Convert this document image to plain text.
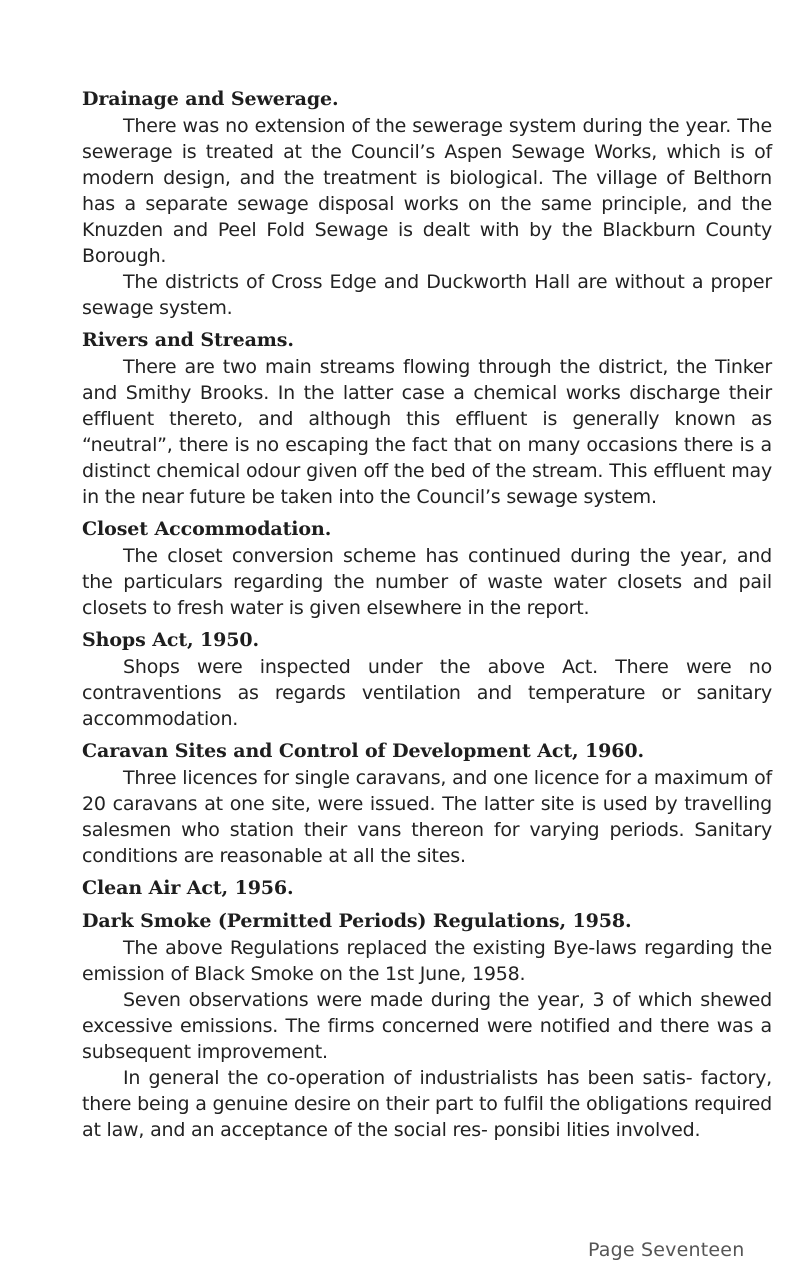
Drainage and Sewerage.

There was no extension of the sewerage system during the year. The sewerage is treated at the Council’s Aspen Sewage Works, which is of modern design, and the treatment is biological. The village of Belthorn has a separate sewage disposal works on the same principle, and the Knuzden and Peel Fold Sewage is dealt with by the Blackburn County Borough.

The districts of Cross Edge and Duckworth Hall are without a proper sewage system.

Rivers and Streams.

There are two main streams flowing through the district, the Tinker and Smithy Brooks. In the latter case a chemical works discharge their effluent thereto, and although this effluent is generally known as “neutral”, there is no escaping the fact that on many occasions there is a distinct chemical odour given off the bed of the stream. This effluent may in the near future be taken into the Council’s sewage system.

Closet Accommodation.

The closet conversion scheme has continued during the year, and the particulars regarding the number of waste water closets and pail closets to fresh water is given elsewhere in the report.

Shops Act, 1950.

Shops were inspected under the above Act. There were no contraventions as regards ventilation and temperature or sanitary accommodation.

Caravan Sites and Control of Development Act, 1960.

Three licences for single caravans, and one licence for a maximum of 20 caravans at one site, were issued. The latter site is used by travelling salesmen who station their vans thereon for varying periods. Sanitary conditions are reasonable at all the sites.

Clean Air Act, 1956.
Dark Smoke (Permitted Periods) Regulations, 1958.

The above Regulations replaced the existing Bye-laws regarding the emission of Black Smoke on the 1st June, 1958.

Seven observations were made during the year, 3 of which shewed excessive emissions. The firms concerned were notified and there was a subsequent improvement.

In general the co-operation of industrialists has been satis- factory, there being a genuine desire on their part to fulfil the obligations required at law, and an acceptance of the social res- ponsibi lities involved.

Page Seventeen
